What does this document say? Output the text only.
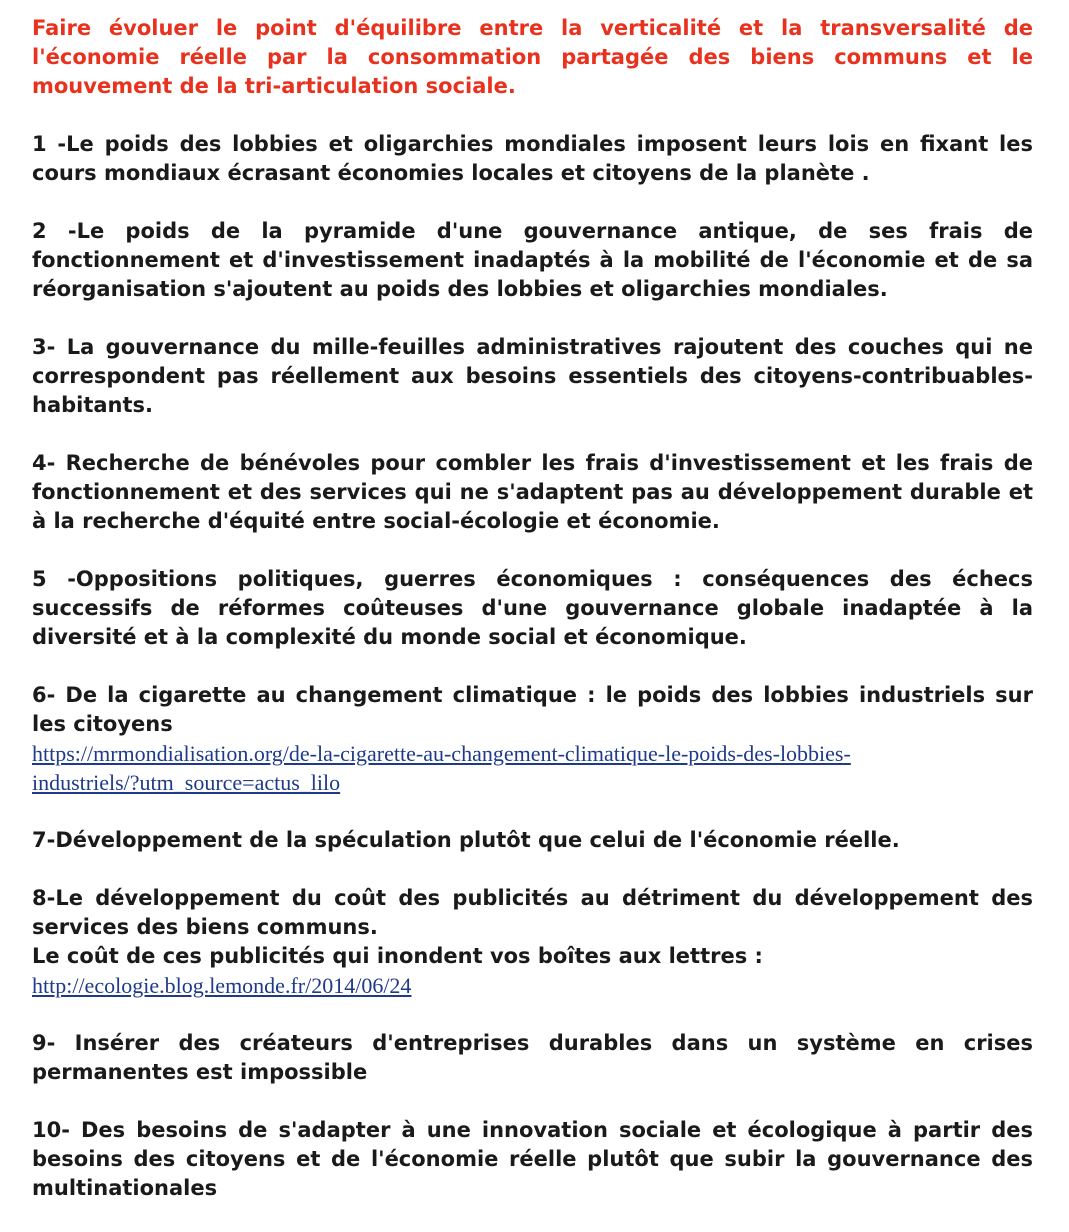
Faire évoluer le point d'équilibre entre la verticalité et la transversalité de l'économie réelle par la consommation partagée des biens communs et le mouvement de la tri-articulation sociale.

1 -Le poids des lobbies et oligarchies mondiales imposent leurs lois en fixant les cours mondiaux écrasant économies locales et citoyens de la planète .

2 -Le poids de la pyramide d'une gouvernance antique, de ses frais de fonctionnement et d'investissement inadaptés à la mobilité de l'économie et de sa réorganisation s'ajoutent au poids des lobbies et oligarchies mondiales.

3- La gouvernance du mille-feuilles administratives rajoutent des couches qui ne correspondent pas réellement aux besoins essentiels des citoyens-contribuables-habitants.

4- Recherche de bénévoles pour combler les frais d'investissement et les frais de fonctionnement et des services qui ne s'adaptent pas au développement durable et à la recherche d'équité entre social-écologie et économie.

5 -Oppositions politiques, guerres économiques : conséquences des échecs successifs de réformes coûteuses d'une gouvernance globale inadaptée à la diversité et à la complexité du monde social et économique.

6- De la cigarette au changement climatique : le poids des lobbies industriels sur les citoyens
https://mrmondialisation.org/de-la-cigarette-au-changement-climatique-le-poids-des-lobbies-
industriels/?utm_source=actus_lilo

7-Développement de la spéculation plutôt que celui de l'économie réelle.

8-Le développement du coût des publicités au détriment du développement des services des biens communs.
Le coût de ces publicités qui inondent vos boîtes aux lettres :
http://ecologie.blog.lemonde.fr/2014/06/24

9- Insérer des créateurs d'entreprises durables dans un système en crises permanentes est impossible

10- Des besoins de s'adapter à une innovation sociale et écologique à partir des besoins des citoyens et de l'économie réelle plutôt que subir la gouvernance des multinationales
